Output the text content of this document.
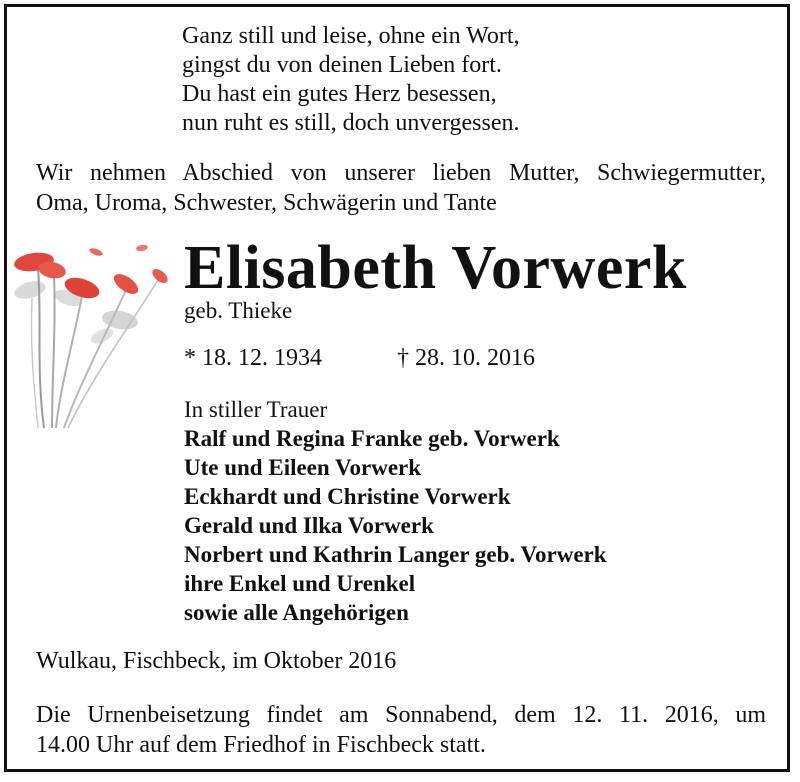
Ganz still und leise, ohne ein Wort,
gingst du von deinen Lieben fort.
Du hast ein gutes Herz besessen,
nun ruht es still, doch unvergessen.
Wir nehmen Abschied von unserer lieben Mutter, Schwiegermutter,
Oma, Uroma, Schwester, Schwägerin und Tante
Elisabeth Vorwerk
geb. Thieke
* 18. 12. 1934	† 28. 10. 2016
In stiller Trauer
Ralf und Regina Franke geb. Vorwerk
Ute und Eileen Vorwerk
Eckhardt und Christine Vorwerk
Gerald und Ilka Vorwerk
Norbert und Kathrin Langer geb. Vorwerk
ihre Enkel und Urenkel
sowie alle Angehörigen
Wulkau, Fischbeck, im Oktober 2016
Die Urnenbeisetzung findet am Sonnabend, dem 12. 11. 2016, um
14.00 Uhr auf dem Friedhof in Fischbeck statt.
